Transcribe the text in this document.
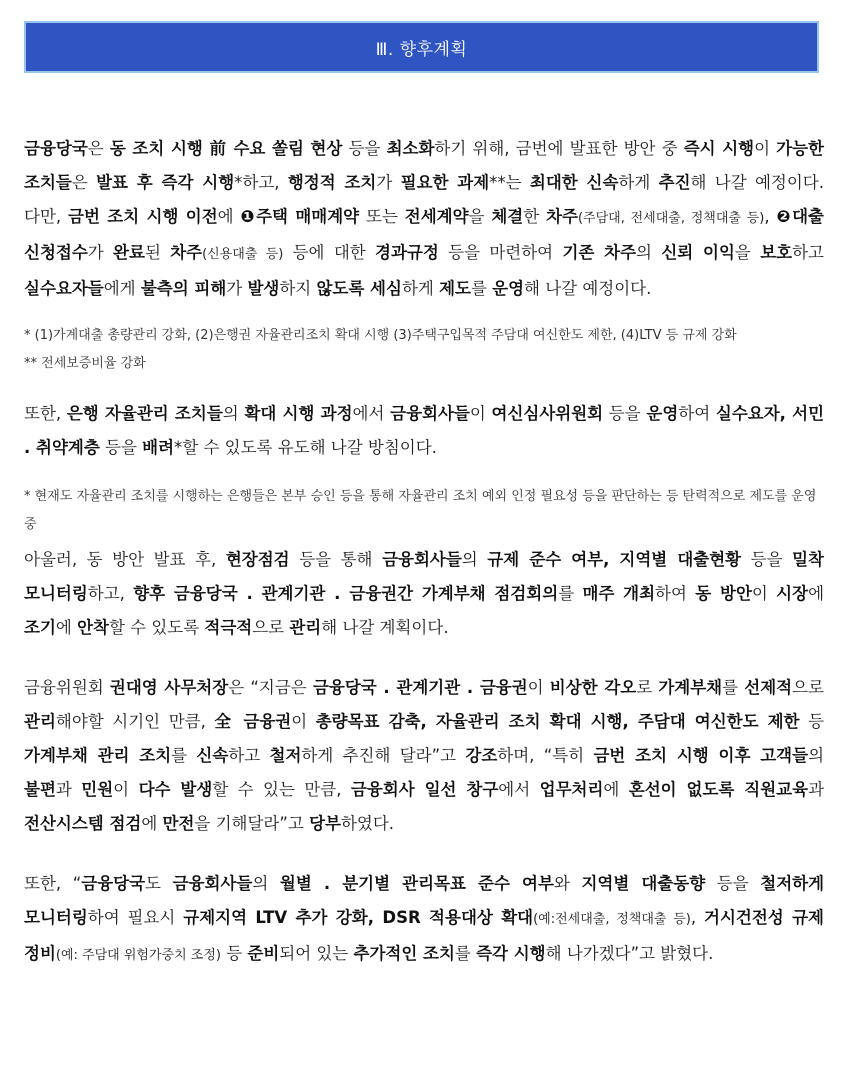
Ⅲ. 향후계획

금융당국은 동 조치 시행 前 수요 쏠림 현상 등을 최소화하기 위해, 금번에 발표한 방안 중 즉시 시행이 가능한 조치들은 발표 후 즉각 시행*하고, 행정적 조치가 필요한 과제**는 최대한 신속하게 추진해 나갈 예정이다. 다만, 금번 조치 시행 이전에 ❶주택 매매계약 또는 전세계약을 체결한 차주(주담대, 전세대출, 정책대출 등), ❷대출 신청접수가 완료된 차주(신용대출 등) 등에 대한 경과규정 등을 마련하여 기존 차주의 신뢰 이익을 보호하고 실수요자들에게 불측의 피해가 발생하지 않도록 세심하게 제도를 운영해 나갈 예정이다.

* (1)가계대출 총량관리 강화, (2)은행권 자율관리조치 확대 시행 (3)주택구입목적 주담대 여신한도 제한, (4)LTV 등 규제 강화

** 전세보증비율 강화

또한, 은행 자율관리 조치들의 확대 시행 과정에서 금융회사들이 여신심사위원회 등을 운영하여 실수요자, 서민 . 취약계층 등을 배려*할 수 있도록 유도해 나갈 방침이다.

* 현재도 자율관리 조치를 시행하는 은행들은 본부 승인 등을 통해 자율관리 조치 예외 인정 필요성 등을 판단하는 등 탄력적으로 제도를 운영 중

아울러, 동 방안 발표 후, 현장점검 등을 통해 금융회사들의 규제 준수 여부, 지역별 대출현황 등을 밀착 모니터링하고, 향후 금융당국 . 관계기관 . 금융권간 가계부채 점검회의를 매주 개최하여 동 방안이 시장에 조기에 안착할 수 있도록 적극적으로 관리해 나갈 계획이다.

금융위원회 권대영 사무처장은 “지금은 금융당국 . 관계기관 . 금융권이 비상한 각오로 가계부채를 선제적으로 관리해야할 시기인 만큼, 全 금융권이 총량목표 감축, 자율관리 조치 확대 시행, 주담대 여신한도 제한 등 가계부채 관리 조치를 신속하고 철저하게 추진해 달라”고 강조하며, “특히 금번 조치 시행 이후 고객들의 불편과 민원이 다수 발생할 수 있는 만큼, 금융회사 일선 창구에서 업무처리에 혼선이 없도록 직원교육과 전산시스템 점검에 만전을 기해달라”고 당부하였다.

또한, “금융당국도 금융회사들의 월별 . 분기별 관리목표 준수 여부와 지역별 대출동향 등을 철저하게 모니터링하여 필요시 규제지역 LTV 추가 강화, DSR 적용대상 확대(예:전세대출, 정책대출 등), 거시건전성 규제 정비(예: 주담대 위험가중치 조정) 등 준비되어 있는 추가적인 조치를 즉각 시행해 나가겠다”고 밝혔다.
